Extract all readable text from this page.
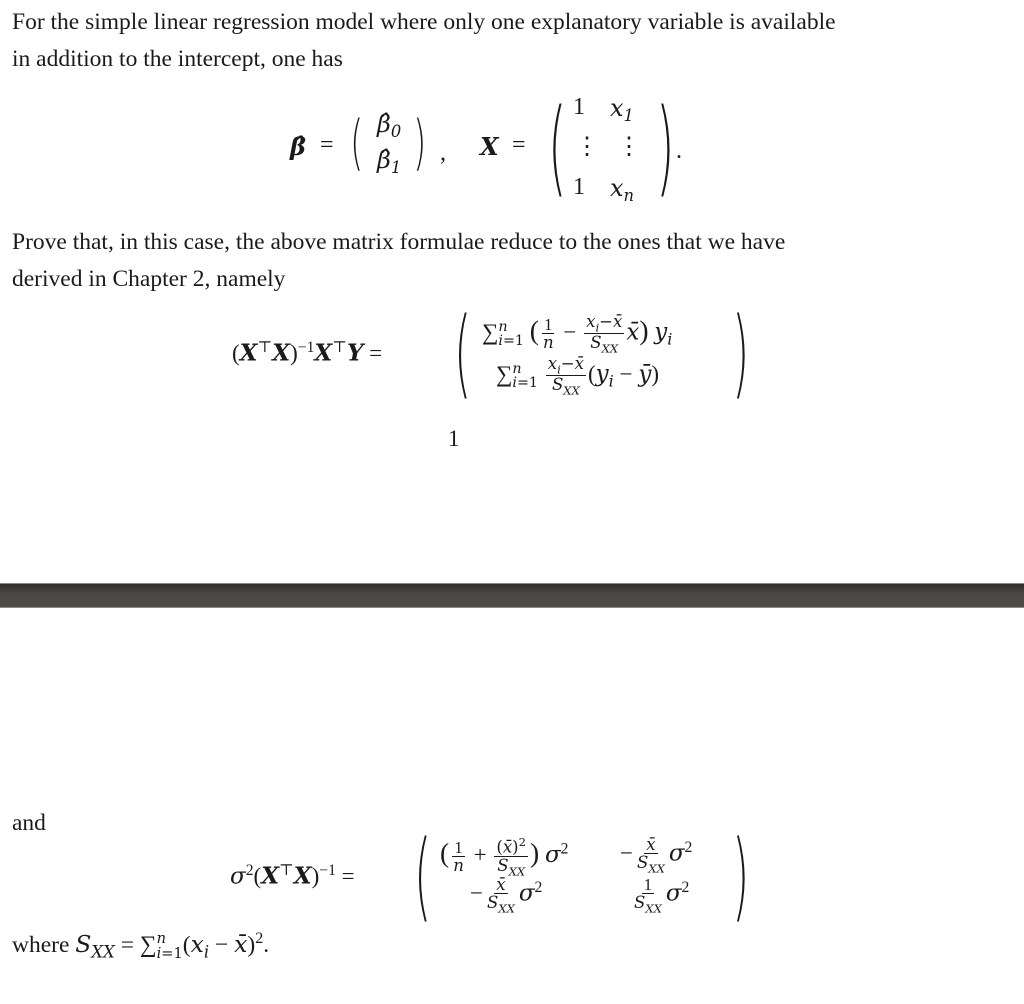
For the simple linear regression model where only one explanatory variable is available
in addition to the intercept, one has
β̂ = ( $\betâ_0$
$\betâ_1$ ) , X = ( 1 $x_1$
⋮ ⋮
1 $x_n$ ) .
Prove that, in this case, the above matrix formulae reduce to the ones that we have
derived in Chapter 2, namely
$(X^⊤X)^{-1}X^⊤Y$ = ( ∑ n
i=1 ( $\frac{1}{n} - \frac{x_i-x̄}{S_{XX}}$ x̄) $y_i$
∑ n
i=1
$\frac{x_i-x̄}{S_{XX}} (y_i$ − ȳ) )
1
and
$\sigma^2(X^⊤X)^{-1}$ = ( ( $\frac{1}{n} + \frac{(x̄)^2}{S_{XX}}$ ) $\sigma^2 - \frac{x̄}{S_{XX}} \sigma^2$
− $\frac{x̄}{S_{XX}} \sigma^2$	$\frac{1}{S_{XX}} \sigma^2$ )
where $S_{XX}$ = ∑ n
i=1 ($x_i$ − x̄)$^2$.
